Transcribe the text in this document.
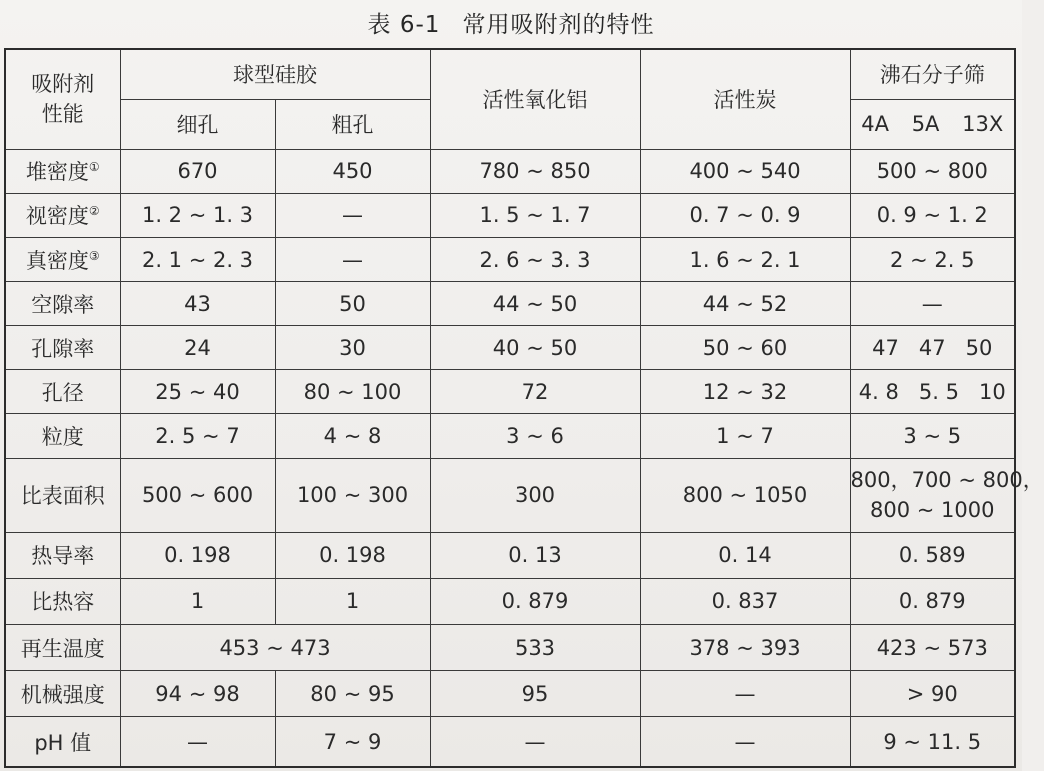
表 6-1 常用吸附剂的特性
吸附剂
性能	球型硅胶		活性氧化铝	活性炭	沸石分子筛
	细孔	粗孔			4A 5A 13X
堆密度①	670	450	780 ~ 850	400 ~ 540	500 ~ 800
视密度②	1. 2 ~ 1. 3	—	1. 5 ~ 1. 7	0. 7 ~ 0. 9	0. 9 ~ 1. 2
真密度③	2. 1 ~ 2. 3	—	2. 6 ~ 3. 3	1. 6 ~ 2. 1	2 ~ 2. 5
空隙率	43	50	44 ~ 50	44 ~ 52	—
孔隙率	24	30	40 ~ 50	50 ~ 60	47   47   50
孔径	25 ~ 40	80 ~ 100	72	12 ~ 32	4. 8   5. 5   10
粒度	2. 5 ~ 7	4 ~ 8	3 ~ 6	1 ~ 7	3 ~ 5
比表面积	500 ~ 600	100 ~ 300	300	800 ~ 1050	800，700 ~ 800，
800 ~ 1000

热导率	0. 198	0. 198	0. 13	0. 14	0. 589
比热容	1	1	0. 879	0. 837	0. 879
再生温度	453 ~ 473		533	378 ~ 393	423 ~ 573
机械强度	94 ~ 98	80 ~ 95	95	—	> 90
pH 值	—	7 ~ 9	—	—	9 ~ 11. 5
